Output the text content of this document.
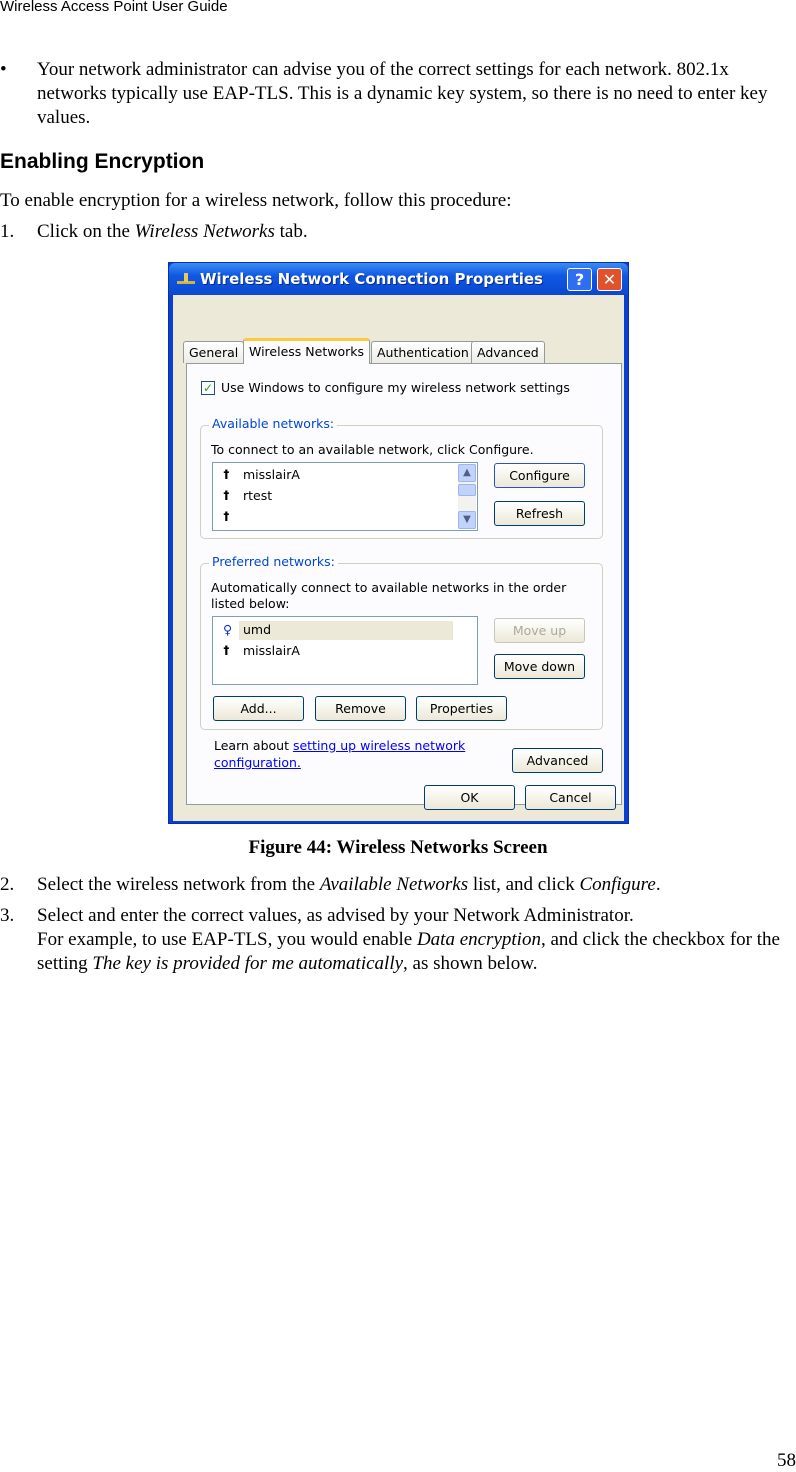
Wireless Access Point User Guide
• Your network administrator can advise you of the correct settings for each network. 802.1x networks typically use EAP-TLS. This is a dynamic key system, so there is no need to enter key values.
Enabling Encryption
To enable encryption for a wireless network, follow this procedure:
1.	Click on the Wireless Networks tab.
Wireless Network Connection Properties	?	✕
General Wireless Networks	Authentication Advanced
✓ Use Windows to configure my wireless network settings
Available networks:
To connect to an available network, click Configure.
ꝉ misslairA
ꝉ rtest
ꝉ
▲
▼
Configure
Refresh
Preferred networks:
Automatically connect to available networks in the order listed below:
♀ umd
ꝉ misslairA
Move up
Move down
Add...	Remove	Properties
Learn about setting up wireless network
configuration.	Advanced
OK	Cancel
Figure 44: Wireless Networks Screen
2.	Select the wireless network from the Available Networks list, and click Configure.
3.	Select and enter the correct values, as advised by your Network Administrator.
For example, to use EAP-TLS, you would enable Data encryption, and click the checkbox for the setting The key is provided for me automatically, as shown below.
58
